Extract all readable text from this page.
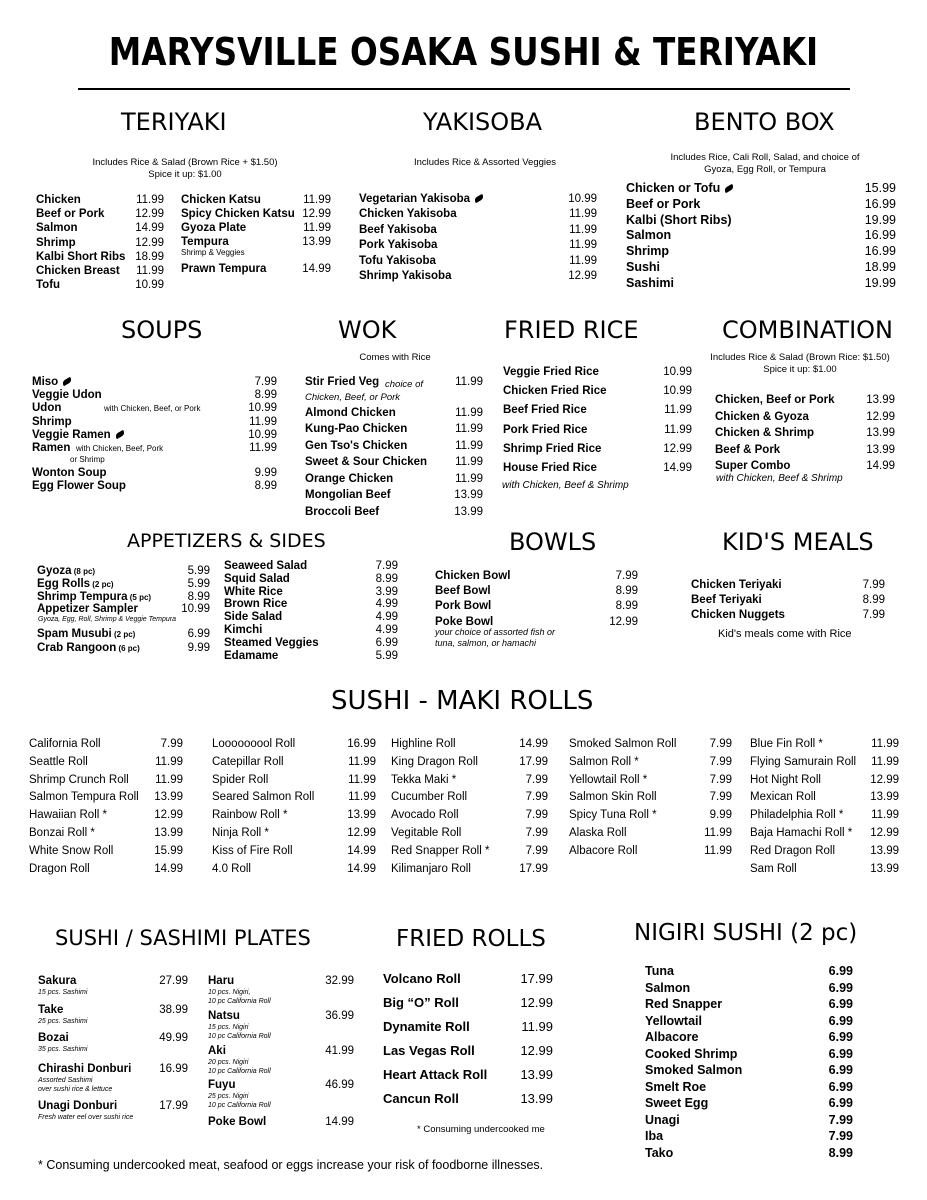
MARYSVILLE OSAKA SUSHI & TERIYAKI
TERIYAKI
Includes Rice & Salad (Brown Rice + $1.50)
Spice it up: $1.00
Chicken	11.99
Beef or Pork	12.99
Salmon	14.99
Shrimp	12.99
Kalbi Short Ribs 18.99
Chicken Breast	11.99
Tofu	10.99
Chicken Katsu	11.99
Spicy Chicken Katsu 12.99
Gyoza Plate	11.99
Tempura	13.99
Prawn Tempura	14.99
Shrimp & Veggies
YAKISOBA
Includes Rice & Assorted Veggies
Vegetarian Yakisoba	10.99
Chicken Yakisoba	11.99
Beef Yakisoba	11.99
Pork Yakisoba	11.99
Tofu Yakisoba	11.99
Shrimp Yakisoba	12.99
BENTO BOX
Includes Rice, Cali Roll, Salad, and choice of
Gyoza, Egg Roll, or Tempura
Chicken or Tofu	15.99
Beef or Pork	16.99
Kalbi (Short Ribs)	19.99
Salmon	16.99
Shrimp	16.99
Sushi	18.99
Sashimi	19.99
SOUPS
Miso	7.99
Veggie Udon	8.99
Udon	10.99
Shrimp	11.99
Veggie Ramen	10.99
Ramen	11.99
Wonton Soup	9.99
Egg Flower Soup	8.99
WOK
Comes with Rice
Stir Fried Veg	11.99
Almond Chicken	11.99
Kung-Pao Chicken	11.99
Gen Tso's Chicken	11.99
Sweet & Sour Chicken	11.99
Orange Chicken	11.99
Mongolian Beef	13.99
Broccoli Beef	13.99
FRIED RICE
Veggie Fried Rice	10.99
Chicken Fried Rice	10.99
Beef Fried Rice	11.99
Pork Fried Rice	11.99
Shrimp Fried Rice	12.99
House Fried Rice	14.99
with Chicken, Beef & Shrimp
COMBINATION
Includes Rice & Salad (Brown Rice: $1.50)
Spice it up: $1.00
Chicken, Beef or Pork	13.99
Chicken & Gyoza	12.99
Chicken & Shrimp	13.99
Beef & Pork	13.99
Super Combo	14.99
with Chicken, Beef & Shrimp
APPETIZERS & SIDES
Gyoza (8 pc)	5.99
Egg Rolls (2 pc)	5.99
Shrimp Tempura (5 pc)	8.99
Appetizer Sampler	10.99
Spam Musubi (2 pc)	6.99
Crab Rangoon (6 pc)	9.99
Seaweed Salad	7.99
Squid Salad	8.99
White Rice	3.99
Brown Rice	4.99
Side Salad	4.99
Kimchi	4.99
Steamed Veggies	6.99
Edamame	5.99
Gyoza, Egg, Roll, Shrimp & Veggie Tempura
BOWLS
Chicken Bowl	7.99
Beef Bowl	8.99
Pork Bowl	8.99
Poke Bowl	12.99
your choice of assorted fish or
tuna, salmon, or hamachi
KID'S MEALS
Chicken Teriyaki	7.99
Beef Teriyaki	8.99
Chicken Nuggets	7.99
Kid's meals come with Rice
SUSHI - MAKI ROLLS
California Roll	7.99
Seattle Roll	11.99
Shrimp Crunch Roll	11.99
Salmon Tempura Roll	13.99
Hawaiian Roll *	12.99
Bonzai Roll *	13.99
White Snow Roll	15.99
Dragon Roll	14.99
Looooooool Roll	16.99
Catepillar Roll	11.99
Spider Roll	11.99
Seared Salmon Roll	11.99
Rainbow Roll *	13.99
Ninja Roll *	12.99
Kiss of Fire Roll	14.99
4.0 Roll	14.99
Highline Roll	14.99
King Dragon Roll	17.99
Tekka Maki *	7.99
Cucumber Roll	7.99
Avocado Roll	7.99
Vegitable Roll	7.99
Red Snapper Roll *	7.99
Kilimanjaro Roll	17.99
Smoked Salmon Roll	7.99
Salmon Roll *	7.99
Yellowtail Roll *	7.99
Salmon Skin Roll	7.99
Spicy Tuna Roll *	9.99
Alaska Roll	11.99
Albacore Roll	11.99
Blue Fin Roll *	11.99
Flying Samurain Roll	11.99
Hot Night Roll	12.99
Mexican Roll	13.99
Philadelphia Roll *	11.99
Baja Hamachi Roll *	12.99
Red Dragon Roll	13.99
Sam Roll	13.99
SUSHI / SASHIMI PLATES
Sakura	27.99
15 pcs. Sashimi
Take	38.99
25 pcs. Sashimi
Bozai	49.99
35 pcs. Sashimi
Chirashi Donburi	16.99
Assorted Sashimi
over sushi rice & lettuce
Unagi Donburi	17.99
Fresh water eel over sushi rice
Haru	32.99
10 pcs. Nigiri,
10 pc California Roll
Natsu	36.99
15 pcs. Nigiri
10 pc California Roll
Aki	41.99
20 pcs. Nigiri
10 pc California Roll
Fuyu	46.99
25 pcs. Nigiri
10 pc California Roll
Poke Bowl	14.99
FRIED ROLLS
Volcano Roll	17.99
Big “O” Roll	12.99
Dynamite Roll	11.99
Las Vegas Roll	12.99
Heart Attack Roll	13.99
Cancun Roll	13.99
* Consuming undercooked me
NIGIRI SUSHI (2 pc)
Tuna	6.99
Salmon	6.99
Red Snapper	6.99
Yellowtail	6.99
Albacore	6.99
Cooked Shrimp	6.99
Smoked Salmon	6.99
Smelt Roe	6.99
Sweet Egg	6.99
Unagi	7.99
Iba	7.99
Tako	8.99
* Consuming undercooked meat, seafood or eggs increase your risk of foodborne illnesses.
with Chicken, Beef, or Pork
with Chicken, Beef, Pork
or Shrimp
choice of
Chicken, Beef, or Pork
